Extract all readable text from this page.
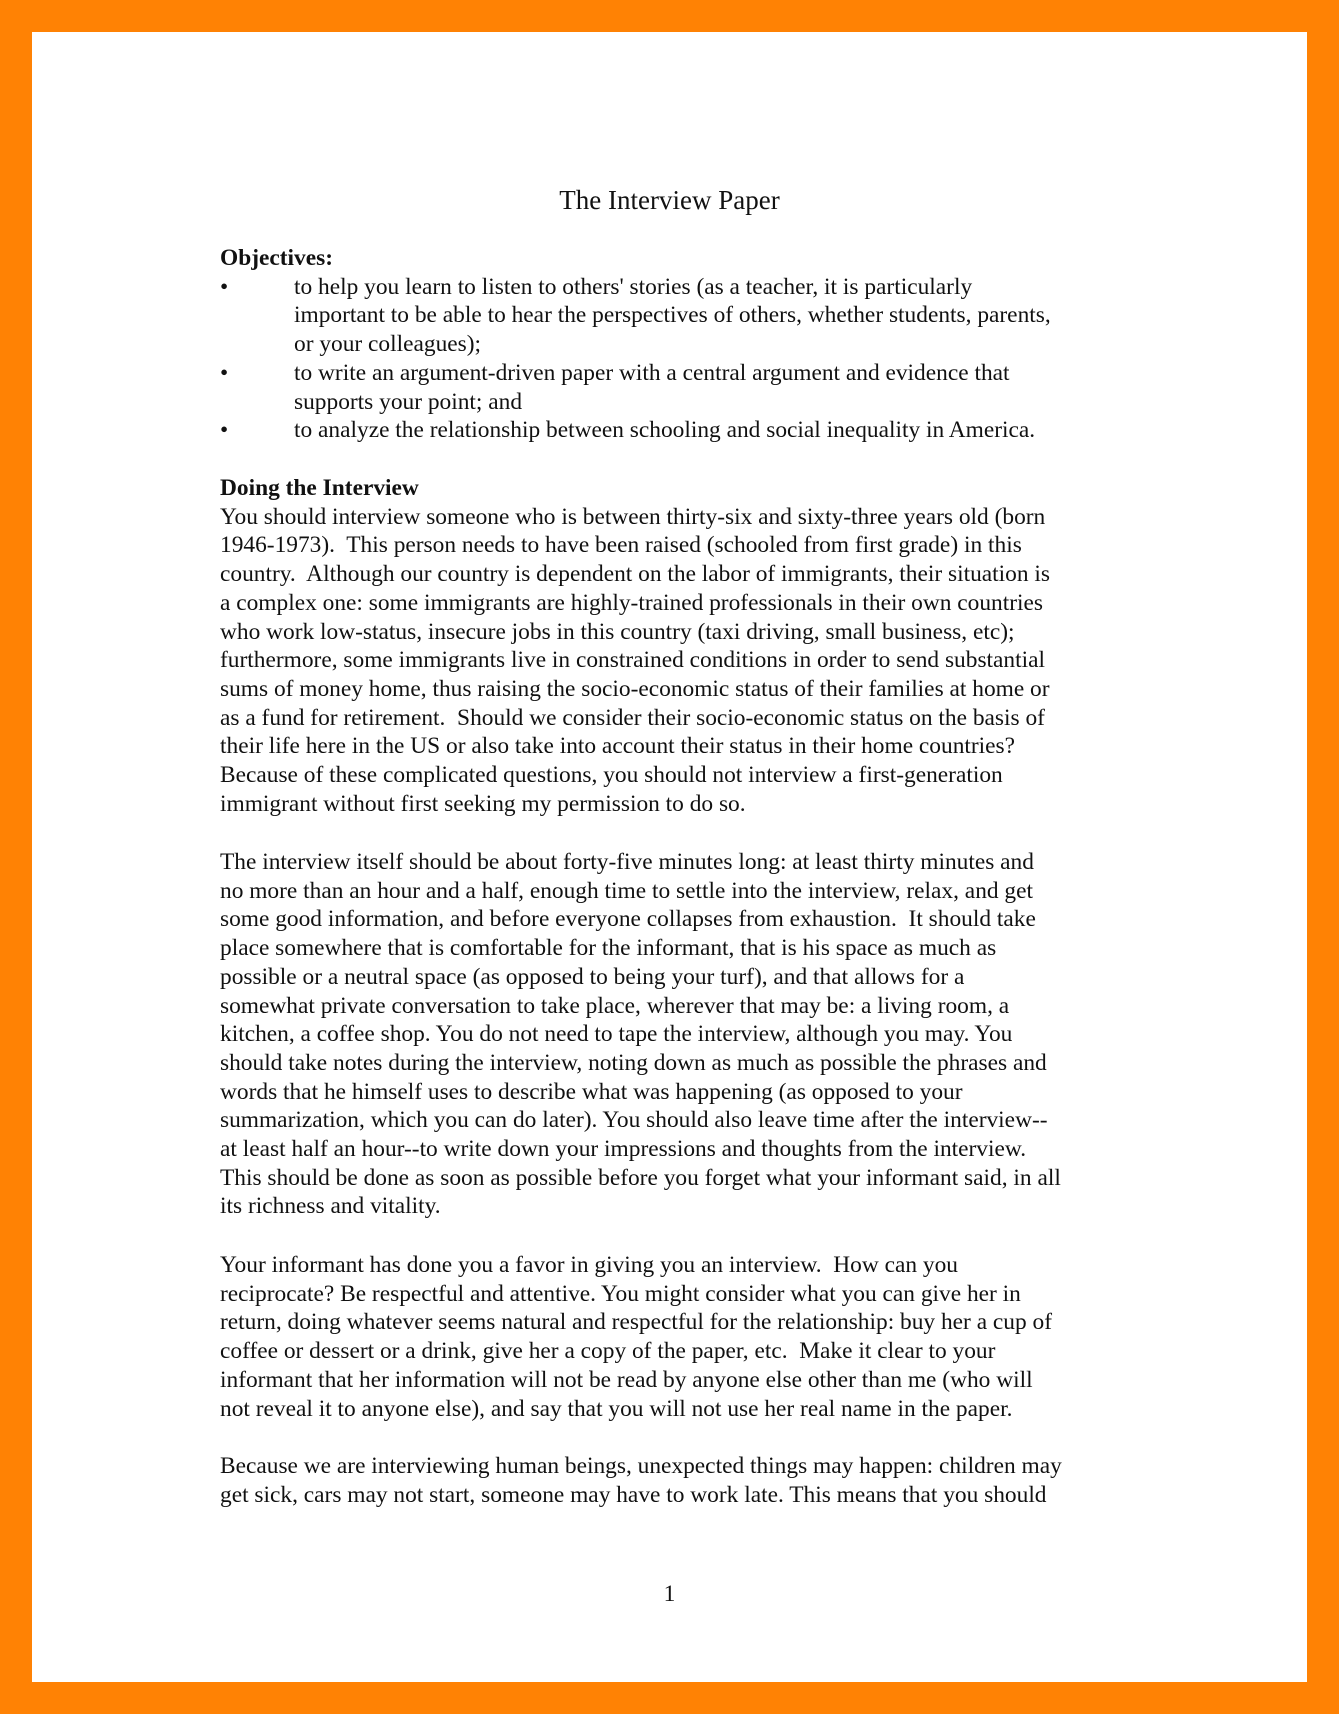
The Interview Paper
Objectives:
•	to help you learn to listen to others' stories (as a teacher, it is particularly
important to be able to hear the perspectives of others, whether students, parents,
or your colleagues);
•	to write an argument-driven paper with a central argument and evidence that
supports your point; and
•	to analyze the relationship between schooling and social inequality in America.
Doing the Interview
You should interview someone who is between thirty-six and sixty-three years old (born
1946-1973).  This person needs to have been raised (schooled from first grade) in this
country.  Although our country is dependent on the labor of immigrants, their situation is
a complex one: some immigrants are highly-trained professionals in their own countries
who work low-status, insecure jobs in this country (taxi driving, small business, etc);
furthermore, some immigrants live in constrained conditions in order to send substantial
sums of money home, thus raising the socio-economic status of their families at home or
as a fund for retirement.  Should we consider their socio-economic status on the basis of
their life here in the US or also take into account their status in their home countries?
Because of these complicated questions, you should not interview a first-generation
immigrant without first seeking my permission to do so.
The interview itself should be about forty-five minutes long: at least thirty minutes and
no more than an hour and a half, enough time to settle into the interview, relax, and get
some good information, and before everyone collapses from exhaustion.  It should take
place somewhere that is comfortable for the informant, that is his space as much as
possible or a neutral space (as opposed to being your turf), and that allows for a
somewhat private conversation to take place, wherever that may be: a living room, a
kitchen, a coffee shop. You do not need to tape the interview, although you may. You
should take notes during the interview, noting down as much as possible the phrases and
words that he himself uses to describe what was happening (as opposed to your
summarization, which you can do later). You should also leave time after the interview--
at least half an hour--to write down your impressions and thoughts from the interview.
This should be done as soon as possible before you forget what your informant said, in all
its richness and vitality.
Your informant has done you a favor in giving you an interview.  How can you
reciprocate? Be respectful and attentive. You might consider what you can give her in
return, doing whatever seems natural and respectful for the relationship: buy her a cup of
coffee or dessert or a drink, give her a copy of the paper, etc.  Make it clear to your
informant that her information will not be read by anyone else other than me (who will
not reveal it to anyone else), and say that you will not use her real name in the paper.
Because we are interviewing human beings, unexpected things may happen: children may
get sick, cars may not start, someone may have to work late. This means that you should
1
